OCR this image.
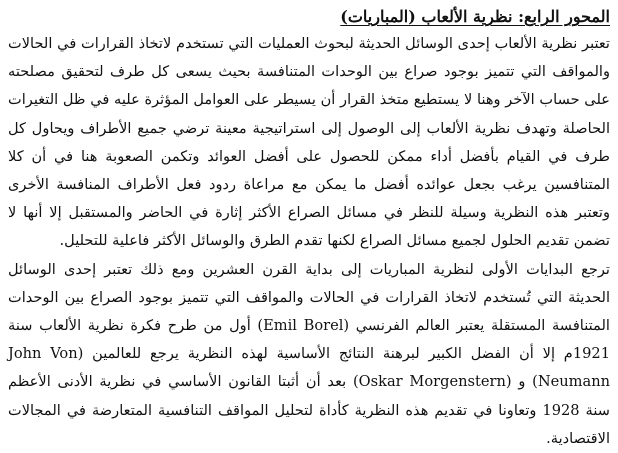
المحور الرابع: نظرية الألعاب (المباريات)

تعتبر نظرية الألعاب إحدى الوسائل الحديثة لبحوث العمليات التي تستخدم لاتخاذ القرارات في الحالات والمواقف التي تتميز بوجود صراع بين الوحدات المتنافسة بحيث يسعى كل طرف لتحقيق مصلحته على حساب الآخر وهنا لا يستطيع متخذ القرار أن يسيطر على العوامل المؤثرة عليه في ظل التغيرات الحاصلة وتهدف نظرية الألعاب إلى الوصول إلى استراتيجية معينة ترضي جميع الأطراف ويحاول كل طرف في القيام بأفضل أداء ممكن للحصول على أفضل العوائد وتكمن الصعوبة هنا في أن كلا المتنافسين يرغب بجعل عوائده أفضل ما يمكن مع مراعاة ردود فعل الأطراف المنافسة الأخرى وتعتبر هذه النظرية وسيلة للنظر في مسائل الصراع الأكثر إثارة في الحاضر والمستقبل إلا أنها لا تضمن تقديم الحلول لجميع مسائل الصراع لكنها تقدم الطرق والوسائل الأكثر فاعلية للتحليل.

ترجع البدايات الأولى لنظرية المباريات إلى بداية القرن العشرين ومع ذلك تعتبر إحدى الوسائل الحديثة التي تُستخدم لاتخاذ القرارات في الحالات والمواقف التي تتميز بوجود الصراع بين الوحدات المتنافسة المستقلة يعتبر العالم الفرنسي (Emil Borel) أول من طرح فكرة نظرية الألعاب سنة 1921م إلا أن الفضل الكبير لبرهنة النتائج الأساسية لهذه النظرية يرجع للعالمين (John Von Neumann) و (Oskar Morgenstern) بعد أن أثبتا القانون الأساسي في نظرية الأدنى الأعظم سنة 1928 وتعاونا في تقديم هذه النظرية كأداة لتحليل المواقف التنافسية المتعارضة في المجالات الاقتصادية.
